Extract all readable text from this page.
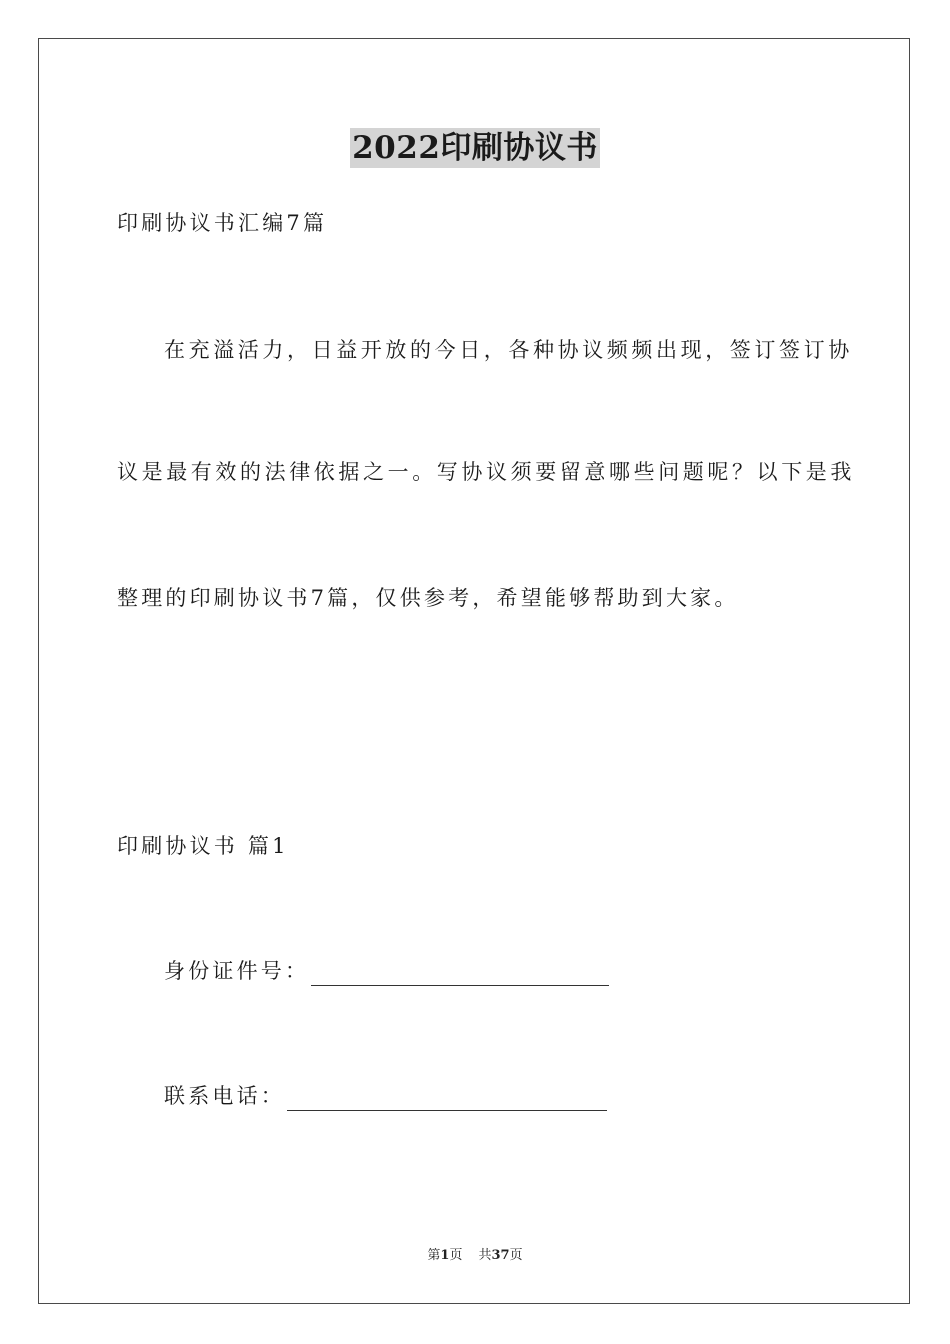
2022印刷协议书
印刷协议书汇编7篇
在充溢活力，日益开放的今日，各种协议频频出现，签订签订协
议是最有效的法律依据之一。写协议须要留意哪些问题呢？以下是我
整理的印刷协议书7篇，仅供参考，希望能够帮助到大家。
印刷协议书 篇1
身份证件号：
联系电话：
第1页 共37页
